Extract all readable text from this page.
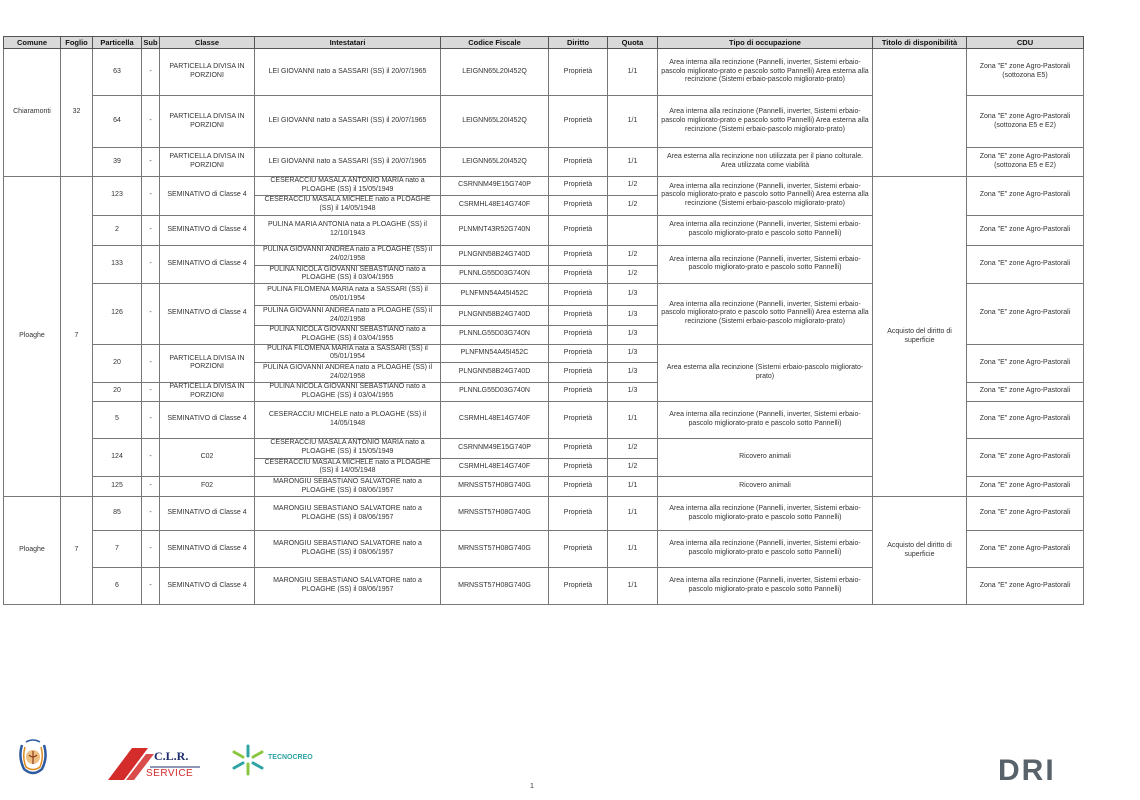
Comune	Foglio	Particella	Sub	Classe	Intestatari	Codice Fiscale	Diritto	Quota	Tipo di occupazione	Titolo di disponibilità	CDU
Chiaramonti	32	63	-	PARTICELLA DIVISA IN PORZIONI	LEI GIOVANNI nato a SASSARI (SS) il 20/07/1965	LEIGNN65L20I452Q	Proprietà	1/1	Area interna alla recinzione (Pannelli, inverter, Sistemi erbaio-pascolo migliorato-prato e pascolo sotto Pannelli) Area esterna alla recinzione (Sistemi erbaio-pascolo migliorato-prato)		Zona "E" zone Agro-Pastorali (sottozona E5)
		64	-	PARTICELLA DIVISA IN PORZIONI	LEI GIOVANNI nato a SASSARI (SS) il 20/07/1965	LEIGNN65L20I452Q	Proprietà	1/1	Area interna alla recinzione (Pannelli, inverter, Sistemi erbaio-pascolo migliorato-prato e pascolo sotto Pannelli) Area esterna alla recinzione (Sistemi erbaio-pascolo migliorato-prato)		Zona "E" zone Agro-Pastorali (sottozona E5 e E2)
		39	-	PARTICELLA DIVISA IN PORZIONI	LEI GIOVANNI nato a SASSARI (SS) il 20/07/1965	LEIGNN65L20I452Q	Proprietà	1/1	Area esterna alla recinzione non utilizzata per il piano colturale. Area utilizzata come viabilità		Zona "E" zone Agro-Pastorali (sottozona E5 e E2)
Ploaghe	7	123	-	SEMINATIVO di Classe 4	CESERACCIU MASALA ANTONIO MARIA nato a PLOAGHE (SS) il 15/05/1949	CSRNNM49E15G740P	Proprietà	1/2	Area interna alla recinzione (Pannelli, inverter, Sistemi erbaio-pascolo migliorato-prato e pascolo sotto Pannelli) Area esterna alla recinzione (Sistemi erbaio-pascolo migliorato-prato)	Acquisto del diritto di superficie	Zona "E" zone Agro-Pastorali
					CESERACCIU MASALA MICHELE nato a PLOAGHE (SS) il 14/05/1948	CSRMHL48E14G740F	Proprietà	1/2			
		2	-	SEMINATIVO di Classe 4	PULINA MARIA ANTONIA nata a PLOAGHE (SS) il 12/10/1943	PLNMNT43R52G740N	Proprietà		Area interna alla recinzione (Pannelli, inverter, Sistemi erbaio-pascolo migliorato-prato e pascolo sotto Pannelli)		Zona "E" zone Agro-Pastorali
		133	-	SEMINATIVO di Classe 4	PULINA GIOVANNI ANDREA nato a PLOAGHE (SS) il 24/02/1958	PLNGNN58B24G740D	Proprietà	1/2	Area interna alla recinzione (Pannelli, inverter, Sistemi erbaio-pascolo migliorato-prato e pascolo sotto Pannelli)		Zona "E" zone Agro-Pastorali
					PULINA NICOLA GIOVANNI SEBASTIANO nato a PLOAGHE (SS) il 03/04/1955	PLNNLG55D03G740N	Proprietà	1/2			
		126	-	SEMINATIVO di Classe 4	PULINA FILOMENA MARIA nata a SASSARI (SS) il 05/01/1954	PLNFMN54A45I452C	Proprietà	1/3	Area interna alla recinzione (Pannelli, inverter, Sistemi erbaio-pascolo migliorato-prato e pascolo sotto Pannelli) Area esterna alla recinzione (Sistemi erbaio-pascolo migliorato-prato)		Zona "E" zone Agro-Pastorali
					PULINA GIOVANNI ANDREA nato a PLOAGHE (SS) il 24/02/1958	PLNGNN58B24G740D	Proprietà	1/3			
					PULINA NICOLA GIOVANNI SEBASTIANO nato a PLOAGHE (SS) il 03/04/1955	PLNNLG55D03G740N	Proprietà	1/3			
		20	-	PARTICELLA DIVISA IN PORZIONI	PULINA FILOMENA MARIA nata a SASSARI (SS) il 05/01/1954	PLNFMN54A45I452C	Proprietà	1/3	Area esterna alla recinzione (Sistemi erbaio-pascolo migliorato-prato)		Zona "E" zone Agro-Pastorali
					PULINA GIOVANNI ANDREA nato a PLOAGHE (SS) il 24/02/1958	PLNGNN58B24G740D	Proprietà	1/3			
		20	-	PARTICELLA DIVISA IN PORZIONI	PULINA NICOLA GIOVANNI SEBASTIANO nato a PLOAGHE (SS) il 03/04/1955	PLNNLG55D03G740N	Proprietà	1/3			Zona "E" zone Agro-Pastorali
		5	-	SEMINATIVO di Classe 4	CESERACCIU MICHELE nato a PLOAGHE (SS) il 14/05/1948	CSRMHL48E14G740F	Proprietà	1/1	Area interna alla recinzione (Pannelli, inverter, Sistemi erbaio-pascolo migliorato-prato e pascolo sotto Pannelli)		Zona "E" zone Agro-Pastorali
		124	-	C02	CESERACCIU MASALA ANTONIO MARIA nato a PLOAGHE (SS) il 15/05/1949	CSRNNM49E15G740P	Proprietà	1/2	Ricovero animali		Zona "E" zone Agro-Pastorali
					CESERACCIU MASALA MICHELE nato a PLOAGHE (SS) il 14/05/1948	CSRMHL48E14G740F	Proprietà	1/2			
		125	-	F02	MARONGIU SEBASTIANO SALVATORE nato a PLOAGHE (SS) il 08/06/1957	MRNSST57H08G740G	Proprietà	1/1	Ricovero animali		Zona "E" zone Agro-Pastorali
Ploaghe	7	85	-	SEMINATIVO di Classe 4	MARONGIU SEBASTIANO SALVATORE nato a PLOAGHE (SS) il 08/06/1957	MRNSST57H08G740G	Proprietà	1/1	Area interna alla recinzione (Pannelli, inverter, Sistemi erbaio-pascolo migliorato-prato e pascolo sotto Pannelli)	Acquisto del diritto di superficie	Zona "E" zone Agro-Pastorali
		7	-	SEMINATIVO di Classe 4	MARONGIU SEBASTIANO SALVATORE nato a PLOAGHE (SS) il 08/06/1957	MRNSST57H08G740G	Proprietà	1/1	Area interna alla recinzione (Pannelli, inverter, Sistemi erbaio-pascolo migliorato-prato e pascolo sotto Pannelli)		Zona "E" zone Agro-Pastorali
		6	-	SEMINATIVO di Classe 4	MARONGIU SEBASTIANO SALVATORE nato a PLOAGHE (SS) il 08/06/1957	MRNSST57H08G740G	Proprietà	1/1	Area interna alla recinzione (Pannelli, inverter, Sistemi erbaio-pascolo migliorato-prato e pascolo sotto Pannelli)		Zona "E" zone Agro-Pastorali
C.L.R.
SERVICE
TECNOCREO	DRI
1
